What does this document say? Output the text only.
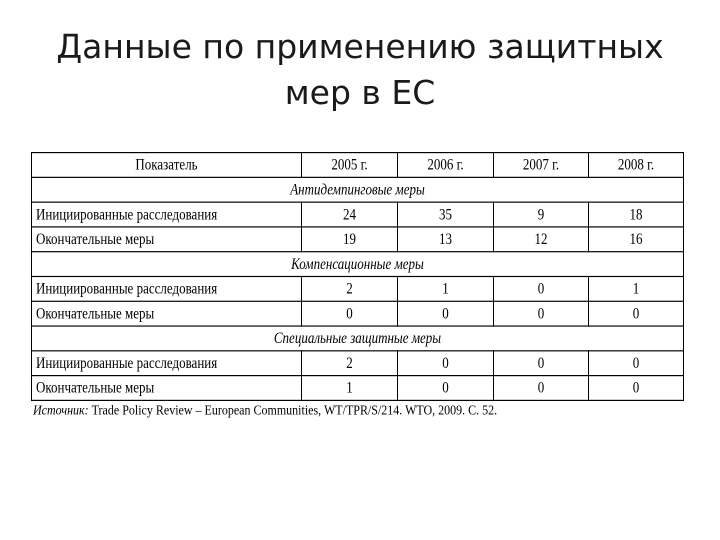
Данные по применению защитных
мер в ЕС
Показатель	2005 г.	2006 г.	2007 г.	2008 г.
Антидемпинговые меры				
Инициированные расследования	24	35	9	18
Окончательные меры	19	13	12	16
Компенсационные меры				
Инициированные расследования	2	1	0	1
Окончательные меры	0	0	0	0
Специальные защитные меры				
Инициированные расследования	2	0	0	0
Окончательные меры	1	0	0	0
Источник: Trade Policy Review – European Communities, WT/TPR/S/214. WTO, 2009. С. 52.
